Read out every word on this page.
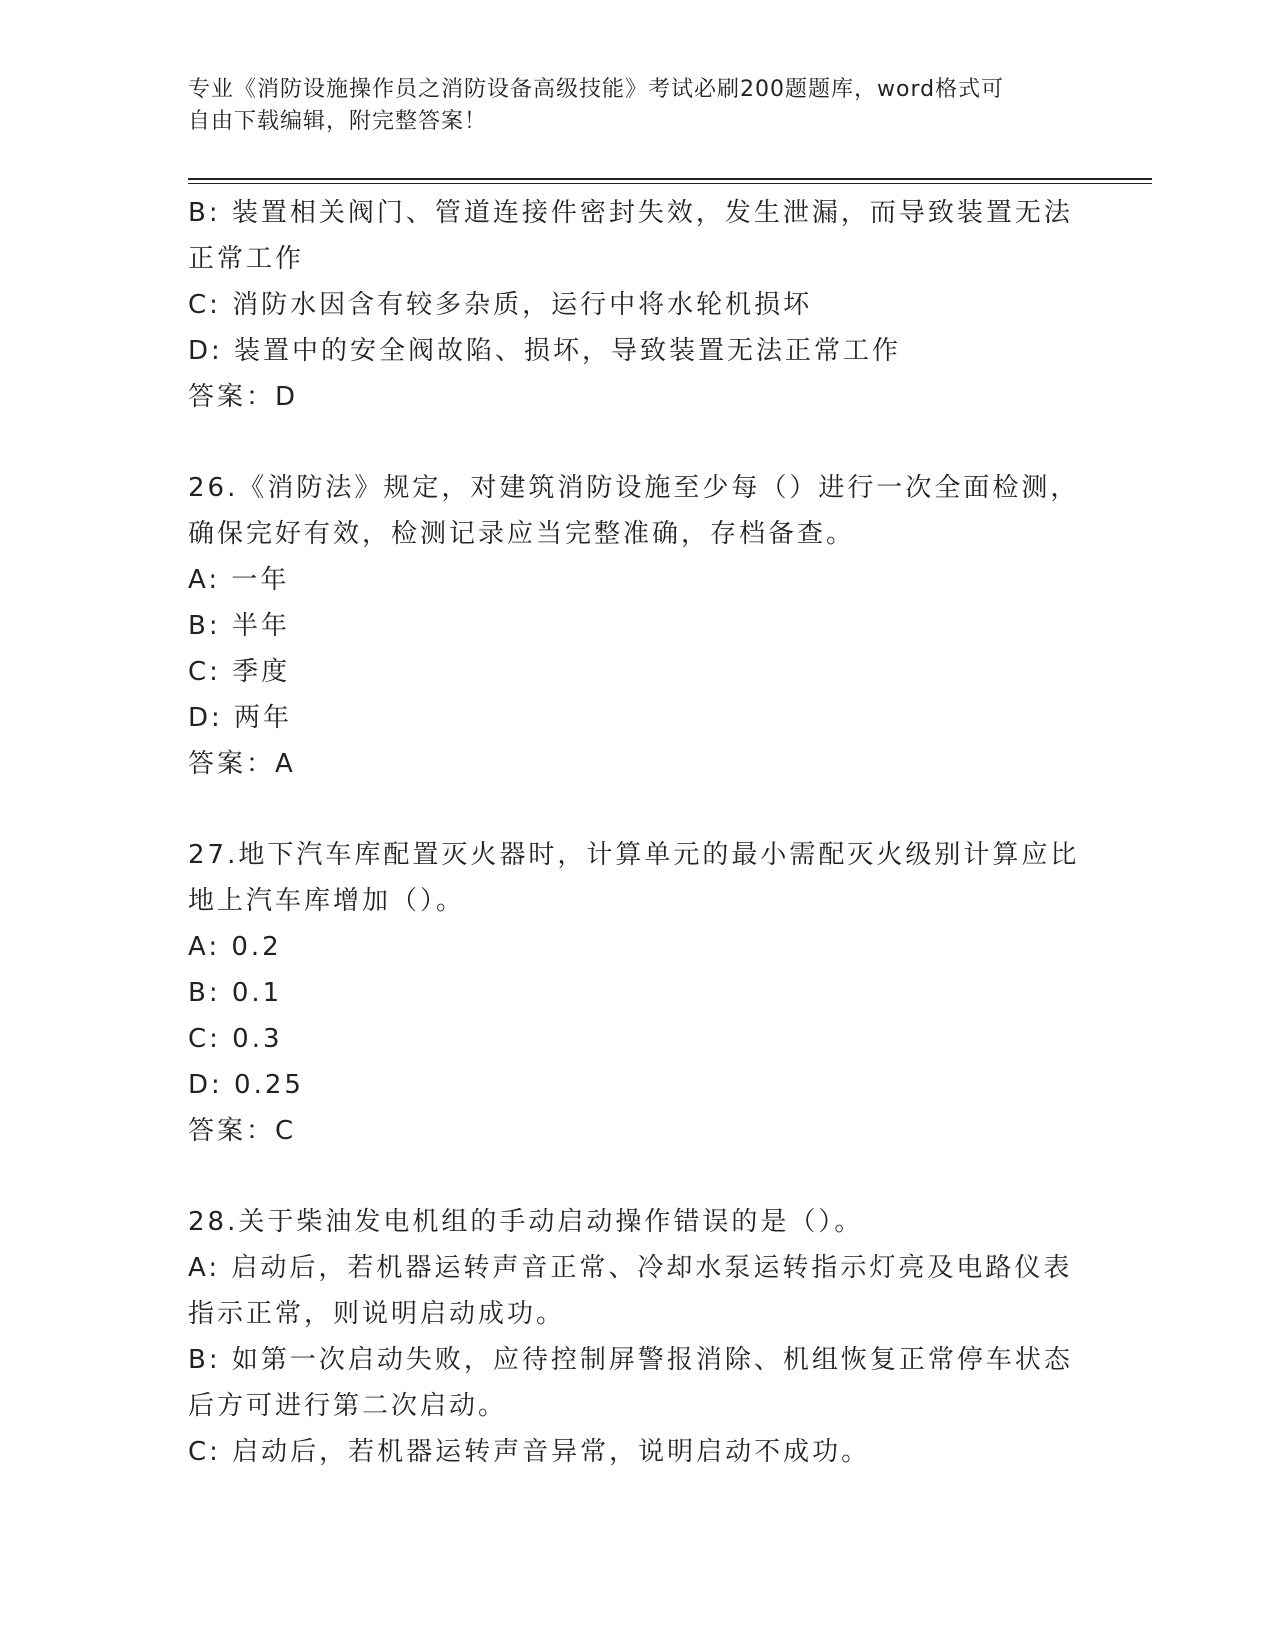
专业《消防设施操作员之消防设备高级技能》考试必刷200题题库，word格式可
自由下载编辑，附完整答案！
B: 装置相关阀门、管道连接件密封失效，发生泄漏，而导致装置无法
正常工作
C: 消防水因含有较多杂质，运行中将水轮机损坏
D: 装置中的安全阀故陷、损坏，导致装置无法正常工作
答案：D
26.《消防法》规定，对建筑消防设施至少每（）进行一次全面检测，
确保完好有效，检测记录应当完整准确，存档备查。
A: 一年
B: 半年
C: 季度
D: 两年
答案：A
27.地下汽车库配置灭火器时，计算单元的最小需配灭火级别计算应比
地上汽车库增加（）。
A: 0.2
B: 0.1
C: 0.3
D: 0.25
答案：C
28.关于柴油发电机组的手动启动操作错误的是（）。
A: 启动后，若机器运转声音正常、冷却水泵运转指示灯亮及电路仪表
指示正常，则说明启动成功。
B: 如第一次启动失败，应待控制屏警报消除、机组恢复正常停车状态
后方可进行第二次启动。
C: 启动后，若机器运转声音异常，说明启动不成功。
